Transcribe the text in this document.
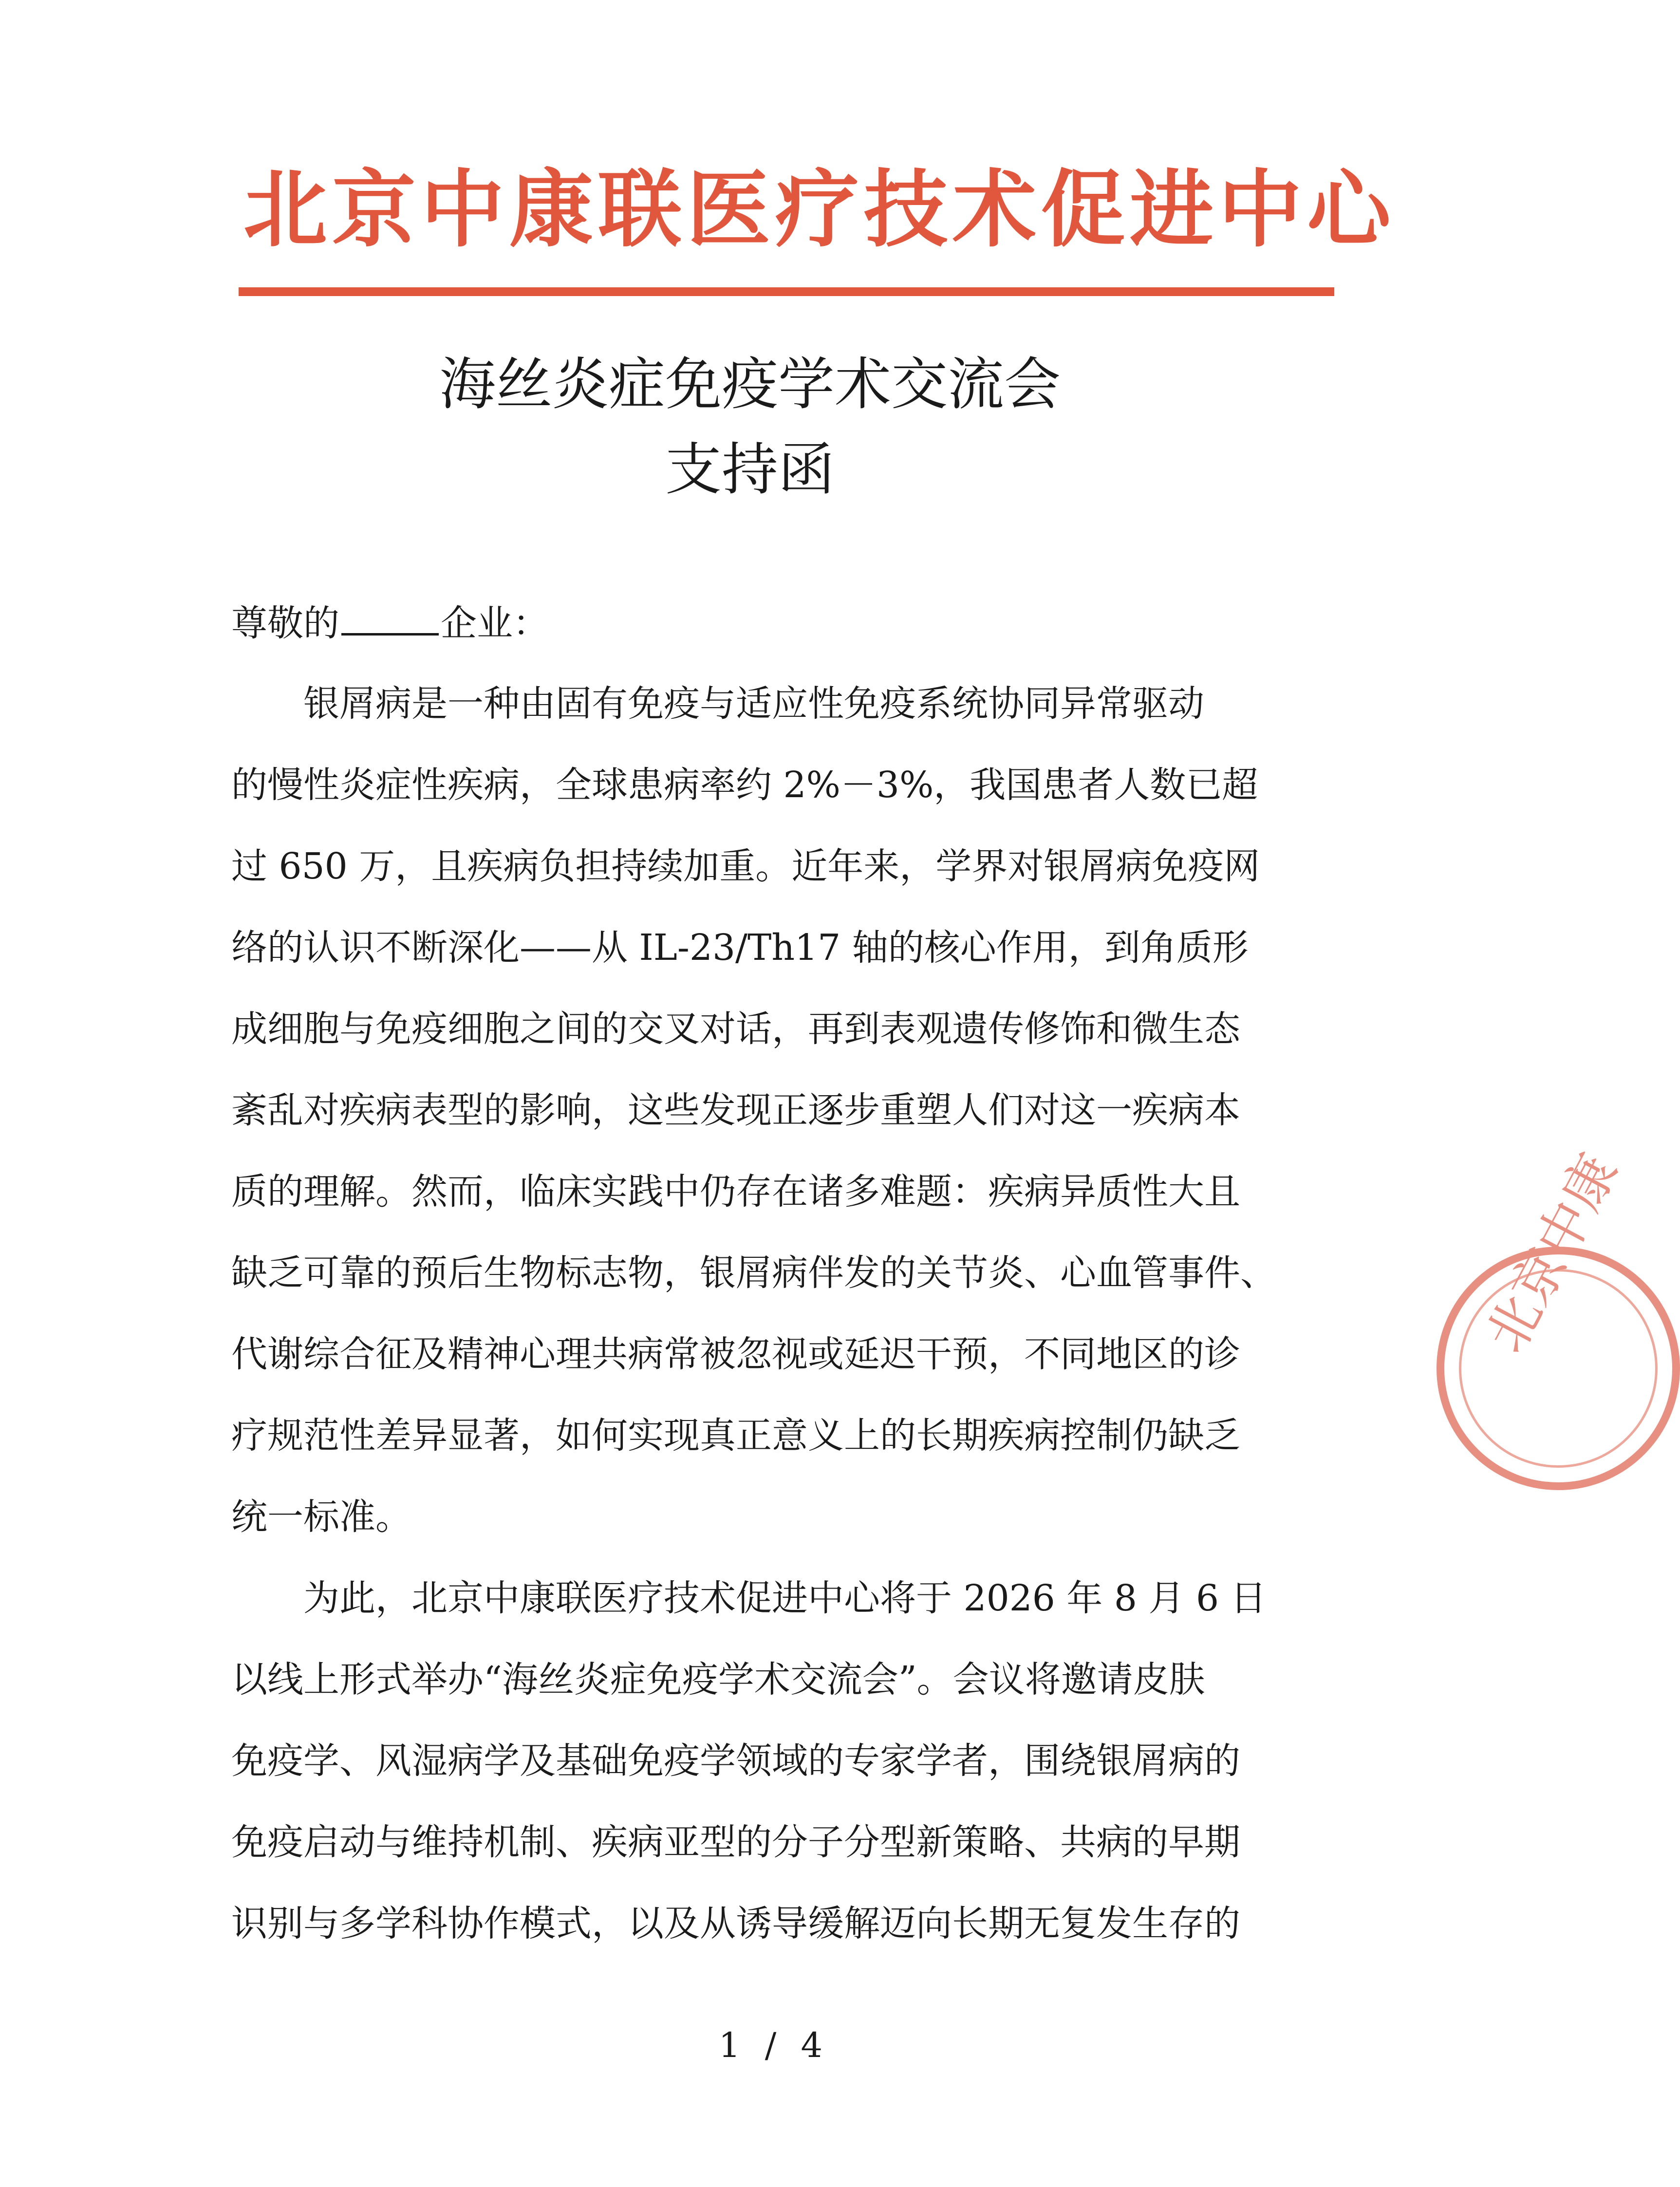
北京中康联医疗技术促进中心
海丝炎症免疫学术交流会
支持函
尊敬的	企业：
　　银屑病是一种由固有免疫与适应性免疫系统协同异常驱动
的慢性炎症性疾病，全球患病率约 2%－3%，我国患者人数已超
过 650 万，且疾病负担持续加重。近年来，学界对银屑病免疫网
络的认识不断深化——从 IL-23/Th17 轴的核心作用，到角质形
成细胞与免疫细胞之间的交叉对话，再到表观遗传修饰和微生态
紊乱对疾病表型的影响，这些发现正逐步重塑人们对这一疾病本
质的理解。然而，临床实践中仍存在诸多难题：疾病异质性大且
缺乏可靠的预后生物标志物，银屑病伴发的关节炎、心血管事件、
代谢综合征及精神心理共病常被忽视或延迟干预，不同地区的诊
疗规范性差异显著，如何实现真正意义上的长期疾病控制仍缺乏
统一标准。
　　为此，北京中康联医疗技术促进中心将于 2026 年 8 月 6 日
以线上形式举办“海丝炎症免疫学术交流会”。会议将邀请皮肤
免疫学、风湿病学及基础免疫学领域的专家学者，围绕银屑病的
免疫启动与维持机制、疾病亚型的分子分型新策略、共病的早期
识别与多学科协作模式，以及从诱导缓解迈向长期无复发生存的
北京中康
1 / 4
